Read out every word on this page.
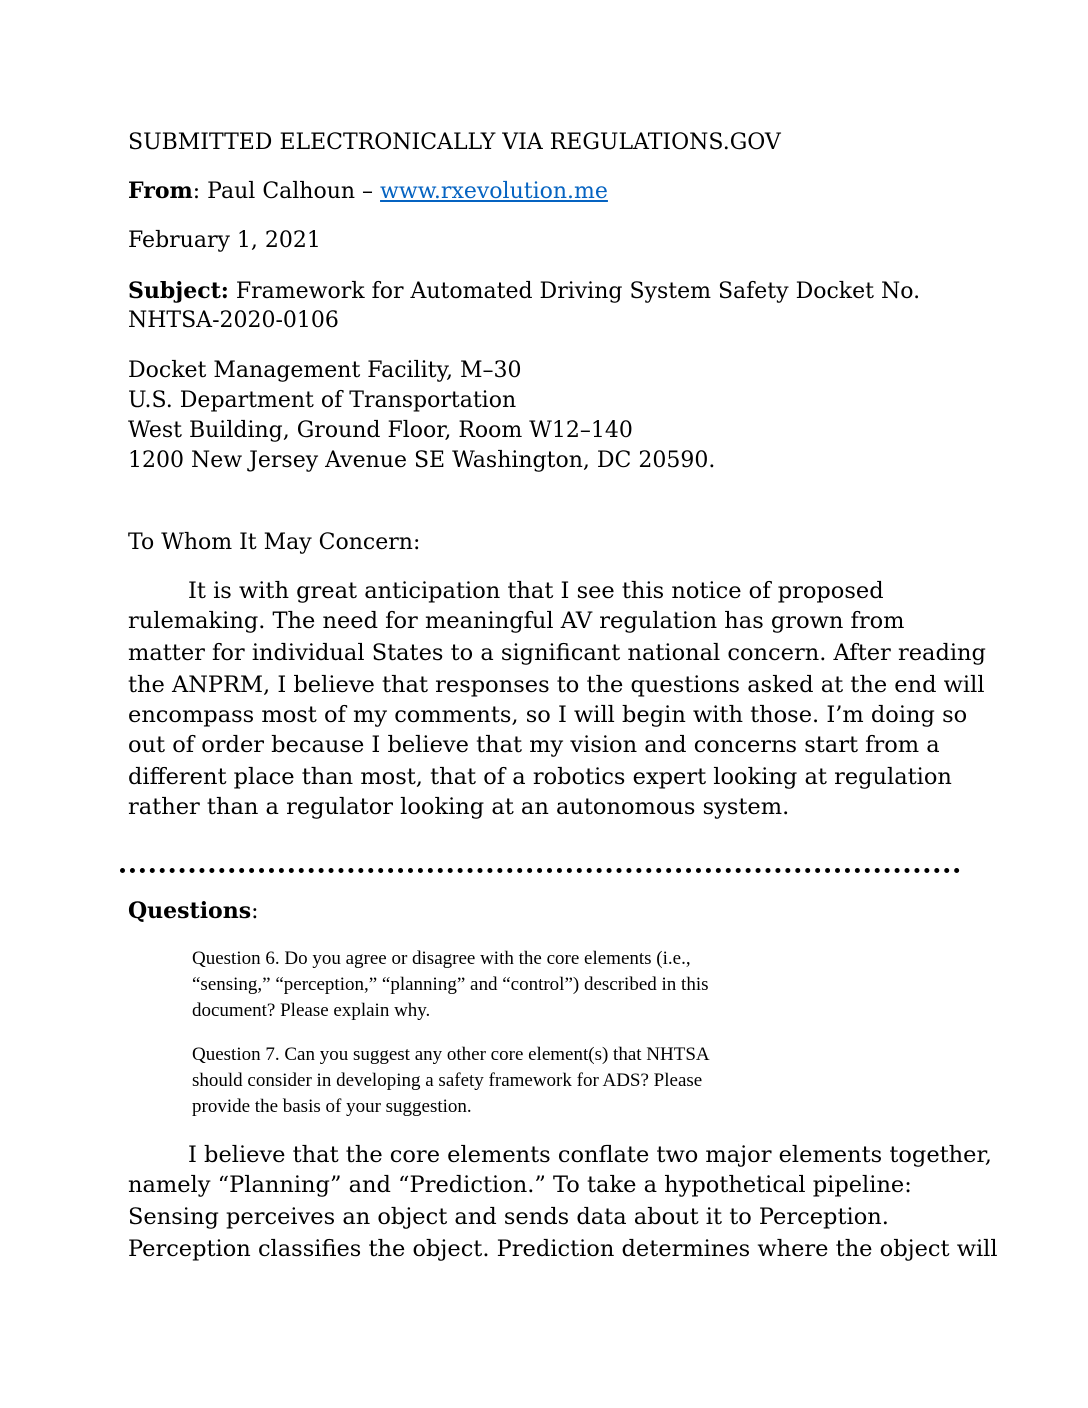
SUBMITTED ELECTRONICALLY VIA REGULATIONS.GOV
From: Paul Calhoun – www.rxevolution.me
February 1, 2021
Subject: Framework for Automated Driving System Safety Docket No.
NHTSA-2020-0106
Docket Management Facility, M–30
U.S. Department of Transportation
West Building, Ground Floor, Room W12–140
1200 New Jersey Avenue SE Washington, DC 20590.
To Whom It May Concern:
It is with great anticipation that I see this notice of proposed
rulemaking. The need for meaningful AV regulation has grown from
matter for individual States to a significant national concern. After reading
the ANPRM, I believe that responses to the questions asked at the end will
encompass most of my comments, so I will begin with those. I’m doing so
out of order because I believe that my vision and concerns start from a
different place than most, that of a robotics expert looking at regulation
rather than a regulator looking at an autonomous system.
Questions:
Question 6. Do you agree or disagree with the core elements (i.e.,
“sensing,” “perception,” “planning” and “control”) described in this
document? Please explain why.
Question 7. Can you suggest any other core element(s) that NHTSA
should consider in developing a safety framework for ADS? Please
provide the basis of your suggestion.
I believe that the core elements conflate two major elements together,
namely “Planning” and “Prediction.” To take a hypothetical pipeline:
Sensing perceives an object and sends data about it to Perception.
Perception classifies the object. Prediction determines where the object will
